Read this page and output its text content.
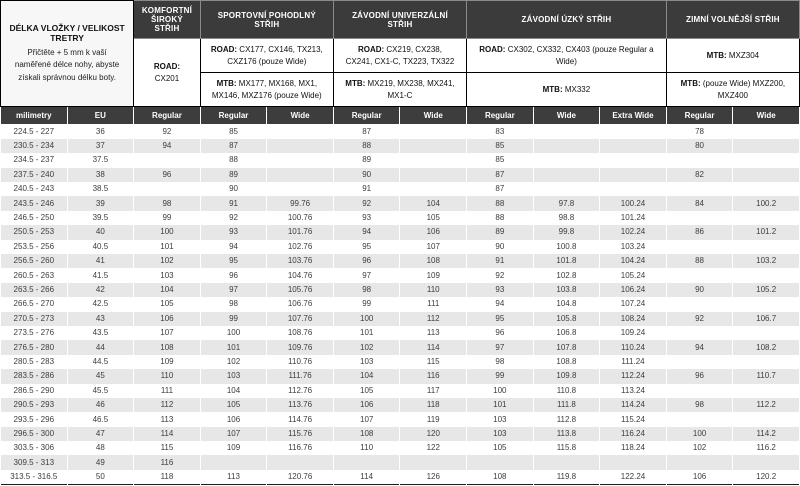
DÉLKA VLOŽKY / VELIKOST TRETRY
Přičtěte + 5 mm k vaší naměřené délce nohy, abyste získali správnou délku boty.		KOMFORTNÍ ŠIROKÝ STŘIH	SPORTOVNÍ POHODLNÝ STŘIH		ZÁVODNÍ UNIVERZÁLNÍ STŘIH		ZÁVODNÍ ÚZKÝ STŘIH			ZIMNÍ VOLNĚJŠÍ STŘIH	
		ROAD: CX201	ROAD: CX177, CX146, TX213, CXZ176 (pouze Wide)		ROAD: CX219, CX238, CX241, CX1-C, TX223, TX322		ROAD: CX302, CX332, CX403 (pouze Regular a Wide)			MTB: MXZ304	
			MTB: MX177, MX168, MX1, MX146, MXZ176 (pouze Wide)		MTB: MX219, MX238, MX241, MX1-C		MTB: MX332			MTB: (pouze Wide) MXZ200, MXZ400	
milimetry	EU	Regular	Regular	Wide	Regular	Wide	Regular	Wide	Extra Wide	Regular	Wide
224.5 - 227	36	92	85		87		83			78	
230.5 - 234	37	94	87		88		85			80	
234.5 - 237	37.5		88		89		85				
237.5 - 240	38	96	89		90		87			82	
240.5 - 243	38.5		90		91		87				
243.5 - 246	39	98	91	99.76	92	104	88	97.8	100.24	84	100.2
246.5 - 250	39.5	99	92	100.76	93	105	88	98.8	101.24		
250.5 - 253	40	100	93	101.76	94	106	89	99.8	102.24	86	101.2
253.5 - 256	40.5	101	94	102.76	95	107	90	100.8	103.24		
256.5 - 260	41	102	95	103.76	96	108	91	101.8	104.24	88	103.2
260.5 - 263	41.5	103	96	104.76	97	109	92	102.8	105.24		
263.5 - 266	42	104	97	105.76	98	110	93	103.8	106.24	90	105.2
266.5 - 270	42.5	105	98	106.76	99	111	94	104.8	107.24		
270.5 - 273	43	106	99	107.76	100	112	95	105.8	108.24	92	106.7
273.5 - 276	43.5	107	100	108.76	101	113	96	106.8	109.24		
276.5 - 280	44	108	101	109.76	102	114	97	107.8	110.24	94	108.2
280.5 - 283	44.5	109	102	110.76	103	115	98	108.8	111.24		
283.5 - 286	45	110	103	111.76	104	116	99	109.8	112.24	96	110.7
286.5 - 290	45.5	111	104	112.76	105	117	100	110.8	113.24		
290.5 - 293	46	112	105	113.76	106	118	101	111.8	114.24	98	112.2
293.5 - 296	46.5	113	106	114.76	107	119	103	112.8	115.24		
296.5 - 300	47	114	107	115.76	108	120	103	113.8	116.24	100	114.2
303.5 - 306	48	115	109	116.76	110	122	105	115.8	118.24	102	116.2
309.5 - 313	49	116									
313.5 - 316.5	50	118	113	120.76	114	126	108	119.8	122.24	106	120.2
